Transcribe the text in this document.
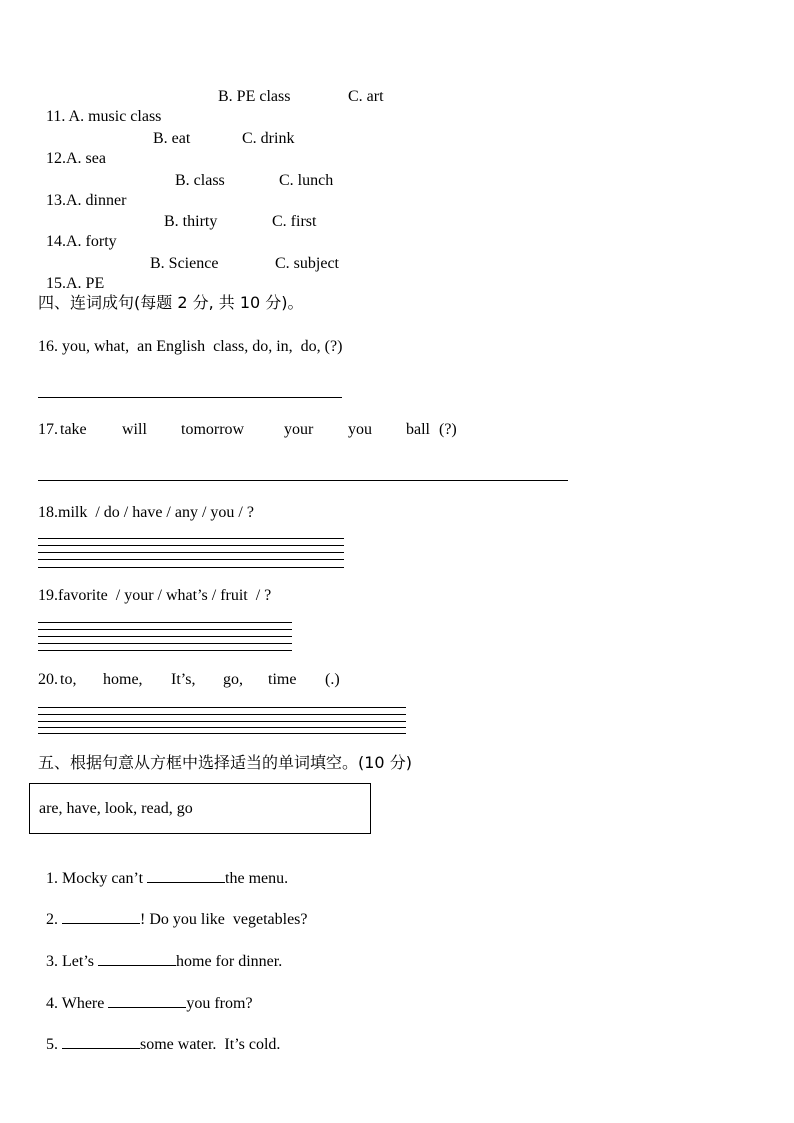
11. A. music class

B. PE class

	C. art

12.A. sea

B. eat

	C. drink

13.A. dinner

B. class

	C. lunch

14.A. forty

B. thirty

	C. first

15.A. PE

B. Science

	C. subject

四、连词成句(每题 2 分, 共 10 分)。
16. you, what,  an English  class, do, in,  do, (?)

17.

take

will

tomorrow

your

you

ball

(?)

18.milk  / do / have / any / you / ?
19.favorite  / your / what’s / fruit  / ?

20.

to,

home,

It’s,

go,

time

(.)

五、根据句意从方框中选择适当的单词填空。(10 分)
are, have, look, read, go

1. Mocky can’t	the menu.

2.	! Do you like  vegetables?

3. Let’s	home for dinner.

4. Where	you from?

5.	some water.  It’s cold.
